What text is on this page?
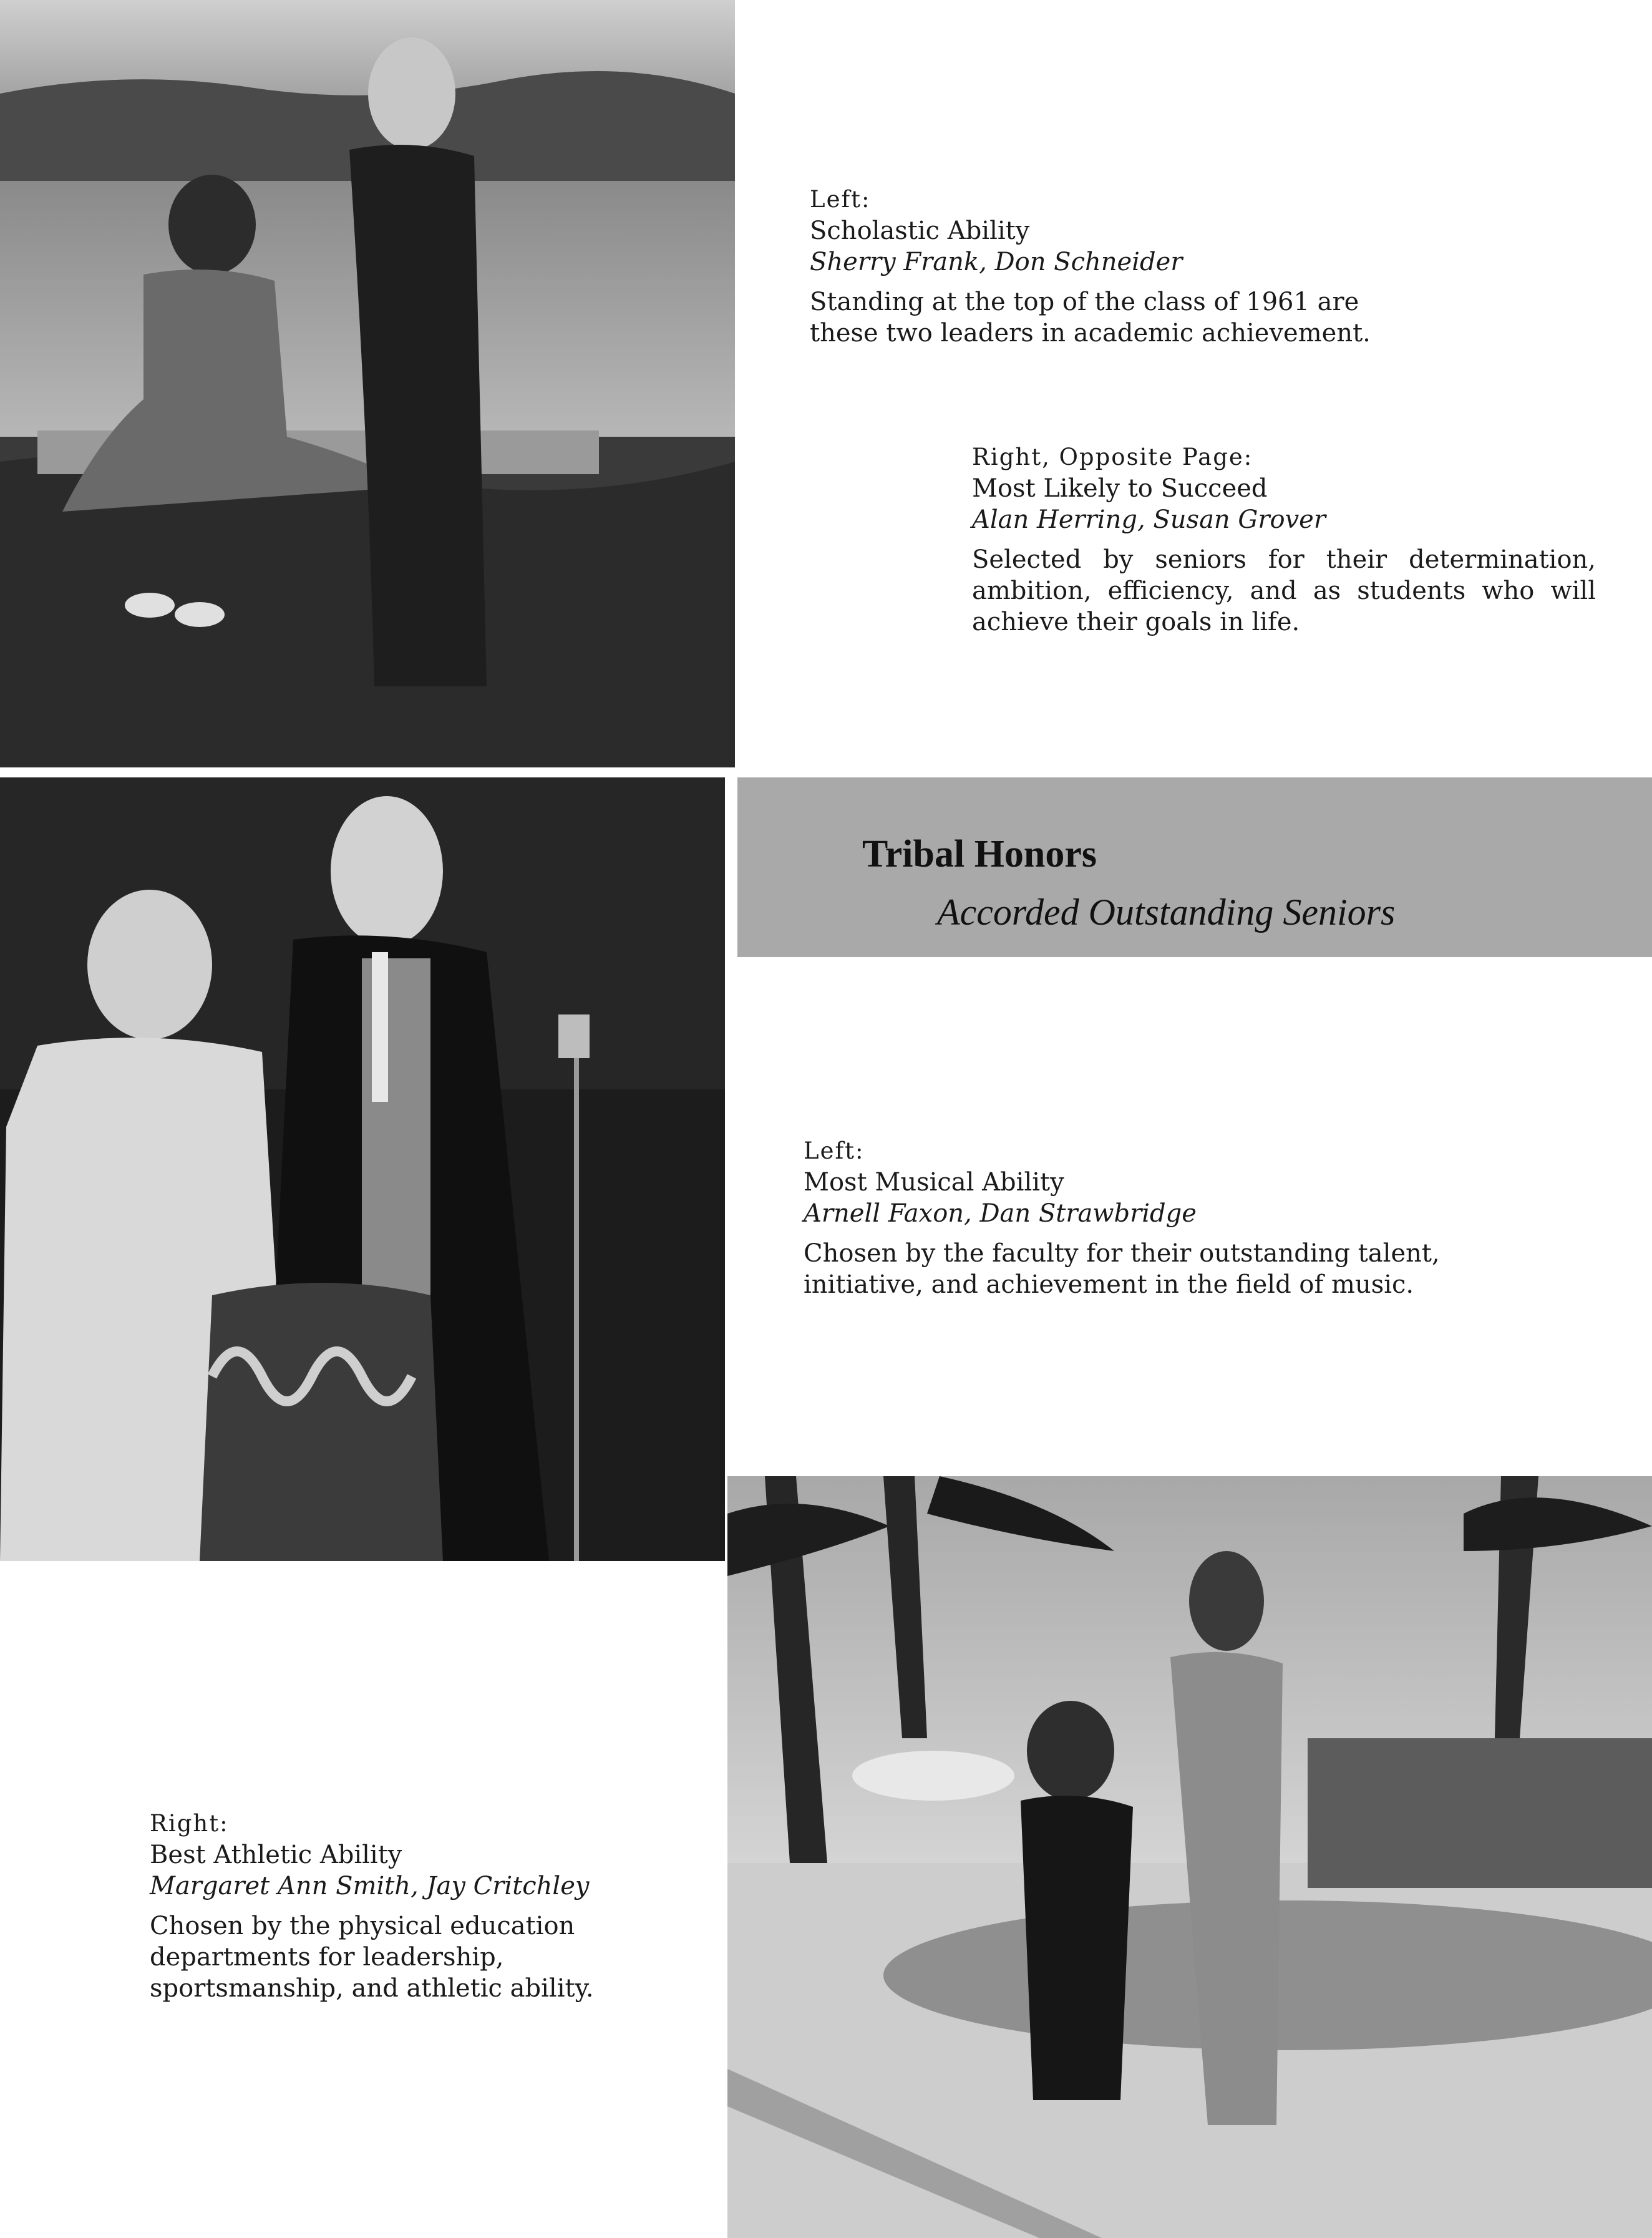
Left:
Scholastic Ability
Sherry Frank, Don Schneider
Standing at the top of the class of 1961 are these two leaders in academic achievement.
Right, Opposite Page:
Most Likely to Succeed
Alan Herring, Susan Grover
Selected by seniors for their determination, ambition, efficiency, and as students who will achieve their goals in life.
Tribal Honors
Accorded Outstanding Seniors
Left:
Most Musical Ability
Arnell Faxon, Dan Strawbridge
Chosen by the faculty for their outstanding talent, initiative, and achievement in the field of music.
Right:
Best Athletic Ability
Margaret Ann Smith, Jay Critchley
Chosen by the physical education departments for leadership, sportsmanship, and athletic ability.
